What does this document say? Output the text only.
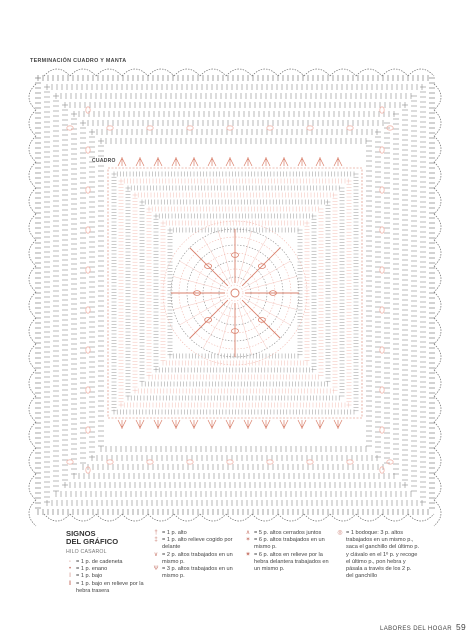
TERMINACIÓN CUADRO Y MANTA
CUADRO
SIGNOS
DEL GRÁFICO
HILO CASAROL
◦ = 1 p. de cadeneta
• = 1 p. enano
ǀ = 1 p. bajo
ǁ = 1 p. bajo en relieve por la hebra trasera
† = 1 p. alto
‡ = 1 p. alto relieve cogido por delante
∨ = 2 p. altos trabajados en un mismo p.
Ѱ = 3 p. altos trabajados en un mismo p.
∧ = 5 p. altos cerrados juntos
✶ = 6 p. altos trabajados en un mismo p.
✷ = 6 p. altos en relieve por la hebra delantera trabajados en un mismo p.
◎ = 1 bodoque: 3 p. altos trabajados en un mismo p., saca el ganchillo del último p. y clávalo en el 1º p. y recoge el último p., pon hebra y pásala a través de los 2 p. del ganchillo
LABORES DEL HOGAR 59
